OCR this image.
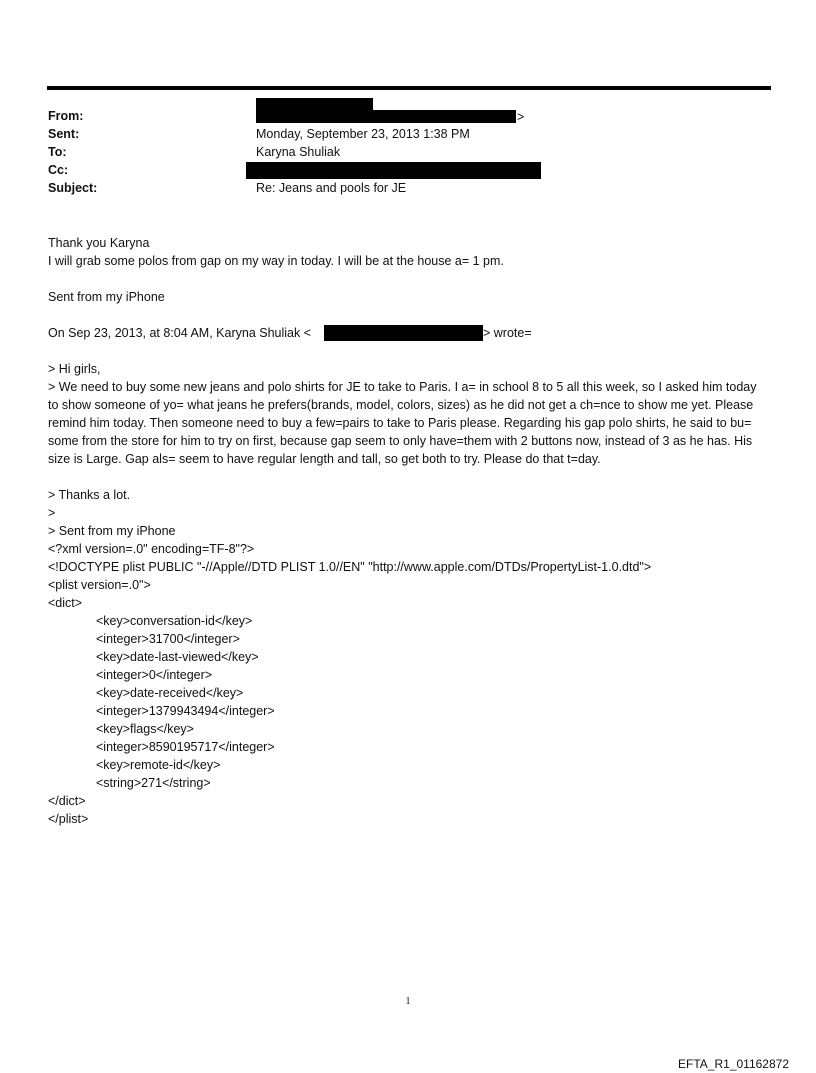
From:	>
Sent:	Monday, September 23, 2013 1:38 PM
To:	Karyna Shuliak
Cc:
Subject:	Re: Jeans and pools for JE
Thank you Karyna
I will grab some polos from gap on my way in today. I will be at the house a= 1 pm.
Sent from my iPhone
On Sep 23, 2013, at 8:04 AM, Karyna Shuliak <	> wrote=
> Hi girls,
> We need to buy some new jeans and polo shirts for JE to take to Paris. I a= in school 8 to 5 all this week, so I asked him today to show someone of yo= what jeans he prefers(brands, model, colors, sizes) as he did not get a ch=nce to show me yet. Please remind him today. Then someone need to buy a few=pairs to take to Paris please. Regarding his gap polo shirts, he said to bu= some from the store for him to try on first, because gap seem to only have=them with 2 buttons now, instead of 3 as he has. His size is Large. Gap als= seem to have regular length and tall, so get both to try. Please do that t=day.
> Thanks a lot.
>
> Sent from my iPhone
<?xml version=.0" encoding=TF-8"?>
<!DOCTYPE plist PUBLIC "-//Apple//DTD PLIST 1.0//EN" "http://www.apple.com/DTDs/PropertyList-1.0.dtd">
<plist version=.0">
<dict>
<key>conversation-id</key>
<integer>31700</integer>
<key>date-last-viewed</key>
<integer>0</integer>
<key>date-received</key>
<integer>1379943494</integer>
<key>flags</key>
<integer>8590195717</integer>
<key>remote-id</key>
<string>271</string>
</dict>
</plist>
1
EFTA_R1_01162872
